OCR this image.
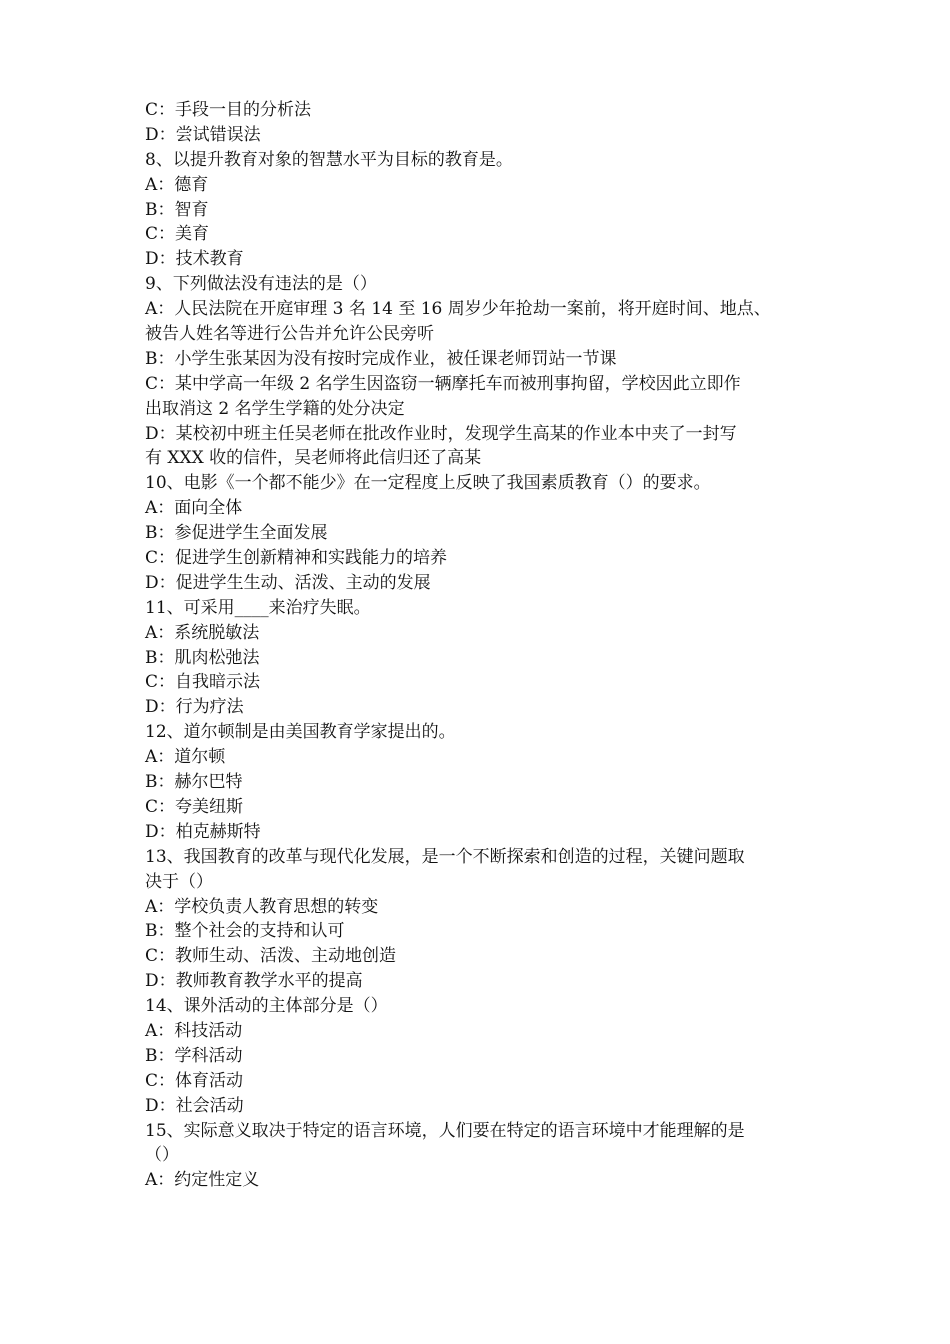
C：手段一目的分析法
D：尝试错误法
8、以提升教育对象的智慧水平为目标的教育是。
A：德育
B：智育
C：美育
D：技术教育
9、下列做法没有违法的是（）
A：人民法院在开庭审理 3 名 14 至 16 周岁少年抢劫一案前，将开庭时间、地点、
被告人姓名等进行公告并允许公民旁听
B：小学生张某因为没有按时完成作业，被任课老师罚站一节课
C：某中学高一年级 2 名学生因盗窃一辆摩托车而被刑事拘留，学校因此立即作
出取消这 2 名学生学籍的处分决定
D：某校初中班主任吴老师在批改作业时，发现学生高某的作业本中夹了一封写
有 XXX 收的信件，吴老师将此信归还了高某
10、电影《一个都不能少》在一定程度上反映了我国素质教育（）的要求。
A：面向全体
B：参促进学生全面发展
C：促进学生创新精神和实践能力的培养
D：促进学生生动、活泼、主动的发展
11、可采用____来治疗失眠。
A：系统脱敏法
B：肌肉松弛法
C：自我暗示法
D：行为疗法
12、道尔顿制是由美国教育学家提出的。
A：道尔顿
B：赫尔巴特
C：夸美纽斯
D：柏克赫斯特
13、我国教育的改革与现代化发展，是一个不断探索和创造的过程，关键问题取
决于（）
A：学校负责人教育思想的转变
B：整个社会的支持和认可
C：教师生动、活泼、主动地创造
D：教师教育教学水平的提高
14、课外活动的主体部分是（）
A：科技活动
B：学科活动
C：体育活动
D：社会活动
15、实际意义取决于特定的语言环境，人们要在特定的语言环境中才能理解的是
（）
A：约定性定义
